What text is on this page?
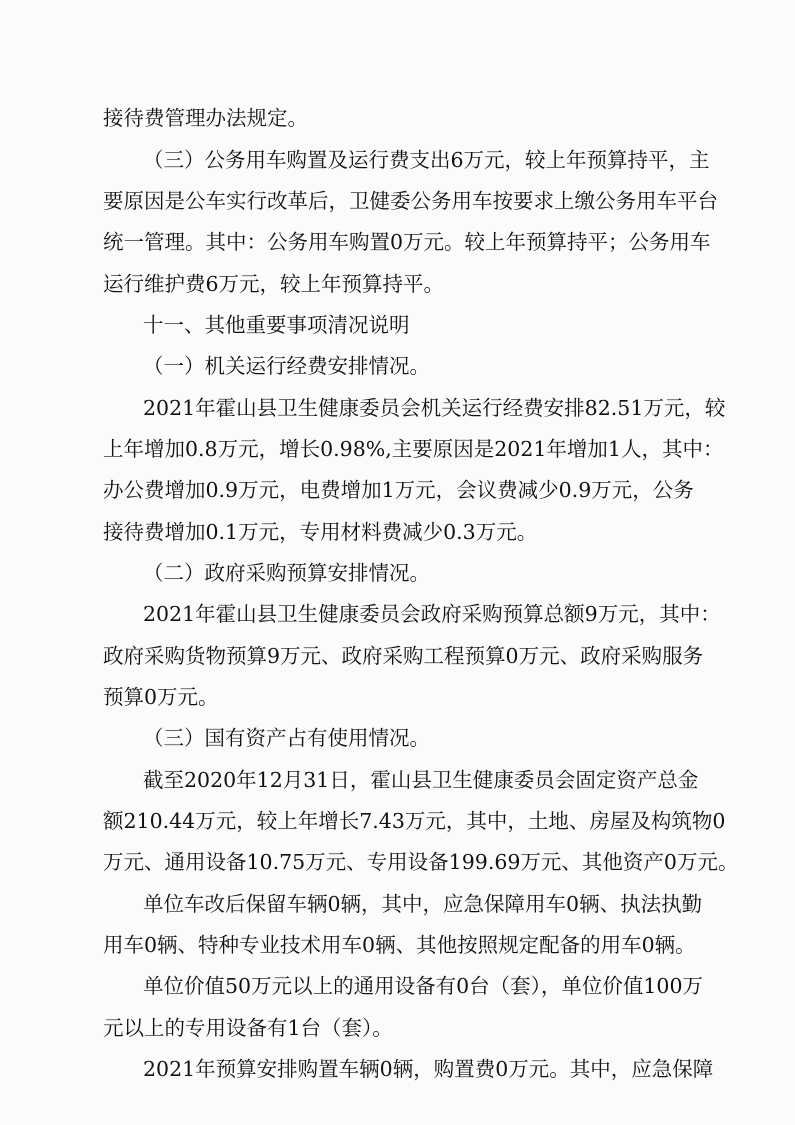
接待费管理办法规定。
（三）公务用车购置及运行费支出6万元，较上年预算持平，主
要原因是公车实行改革后，卫健委公务用车按要求上缴公务用车平台
统一管理。其中：公务用车购置0万元。较上年预算持平；公务用车
运行维护费6万元，较上年预算持平。
十一、其他重要事项清况说明
（一）机关运行经费安排情况。
2021年霍山县卫生健康委员会机关运行经费安排82.51万元，较
上年增加0.8万元，增长0.98%,主要原因是2021年增加1人，其中：
办公费增加0.9万元，电费增加1万元，会议费减少0.9万元，公务
接待费增加0.1万元，专用材料费减少0.3万元。
（二）政府采购预算安排情况。
2021年霍山县卫生健康委员会政府采购预算总额9万元，其中：
政府采购货物预算9万元、政府采购工程预算0万元、政府采购服务
预算0万元。
（三）国有资产占有使用情况。
截至2020年12月31日，霍山县卫生健康委员会固定资产总金
额210.44万元，较上年增长7.43万元，其中，土地、房屋及构筑物0
万元、通用设备10.75万元、专用设备199.69万元、其他资产0万元。
单位车改后保留车辆0辆，其中，应急保障用车0辆、执法执勤
用车0辆、特种专业技术用车0辆、其他按照规定配备的用车0辆。
单位价值50万元以上的通用设备有0台（套），单位价值100万
元以上的专用设备有1台（套）。
2021年预算安排购置车辆0辆，购置费0万元。其中，应急保障
